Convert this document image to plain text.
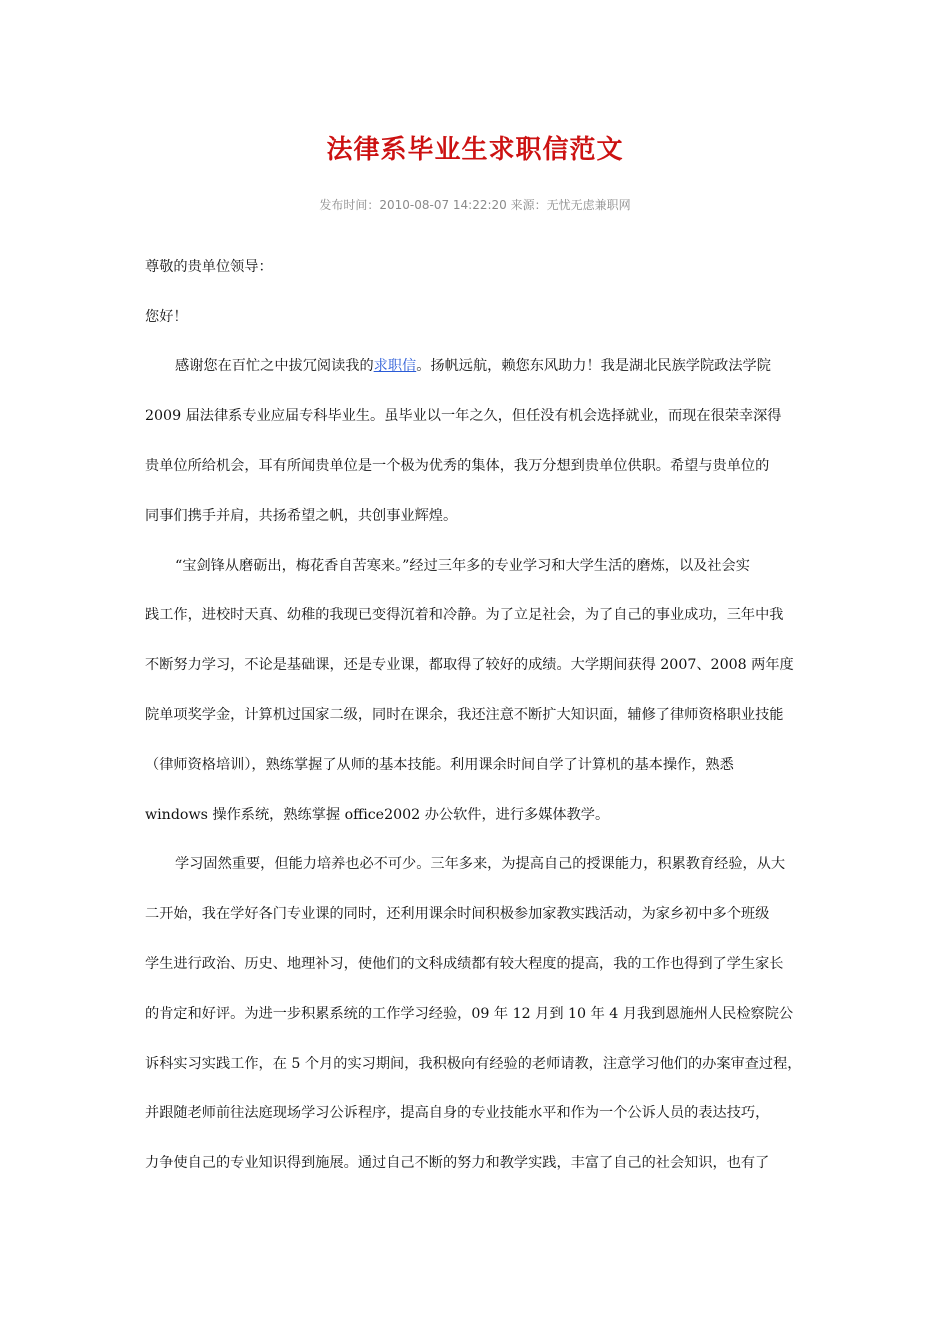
法律系毕业生求职信范文
发布时间：2010-08-07 14:22:20 来源：无忧无虑兼职网
尊敬的贵单位领导：
您好！
感谢您在百忙之中拔冗阅读我的求职信。扬帆远航，赖您东风助力！我是湖北民族学院政法学院
2009 届法律系专业应届专科毕业生。虽毕业以一年之久，但任没有机会选择就业，而现在很荣幸深得
贵单位所给机会，耳有所闻贵单位是一个极为优秀的集体，我万分想到贵单位供职。希望与贵单位的
同事们携手并肩，共扬希望之帆，共创事业辉煌。
“宝剑锋从磨砺出，梅花香自苦寒来。”经过三年多的专业学习和大学生活的磨炼，以及社会实
践工作，进校时天真、幼稚的我现已变得沉着和冷静。为了立足社会，为了自己的事业成功，三年中我
不断努力学习，不论是基础课，还是专业课，都取得了较好的成绩。大学期间获得 2007、2008 两年度
院单项奖学金，计算机过国家二级，同时在课余，我还注意不断扩大知识面，辅修了律师资格职业技能
（律师资格培训），熟练掌握了从师的基本技能。利用课余时间自学了计算机的基本操作，熟悉
windows 操作系统，熟练掌握 office2002 办公软件，进行多媒体教学。
学习固然重要，但能力培养也必不可少。三年多来，为提高自己的授课能力，积累教育经验，从大
二开始，我在学好各门专业课的同时，还利用课余时间积极参加家教实践活动，为家乡初中多个班级
学生进行政治、历史、地理补习，使他们的文科成绩都有较大程度的提高，我的工作也得到了学生家长
的肯定和好评。为进一步积累系统的工作学习经验，09 年 12 月到 10 年 4 月我到恩施州人民检察院公
诉科实习实践工作，在 5 个月的实习期间，我积极向有经验的老师请教，注意学习他们的办案审查过程，
并跟随老师前往法庭现场学习公诉程序，提高自身的专业技能水平和作为一个公诉人员的表达技巧，
力争使自己的专业知识得到施展。通过自己不断的努力和教学实践，丰富了自己的社会知识，也有了
